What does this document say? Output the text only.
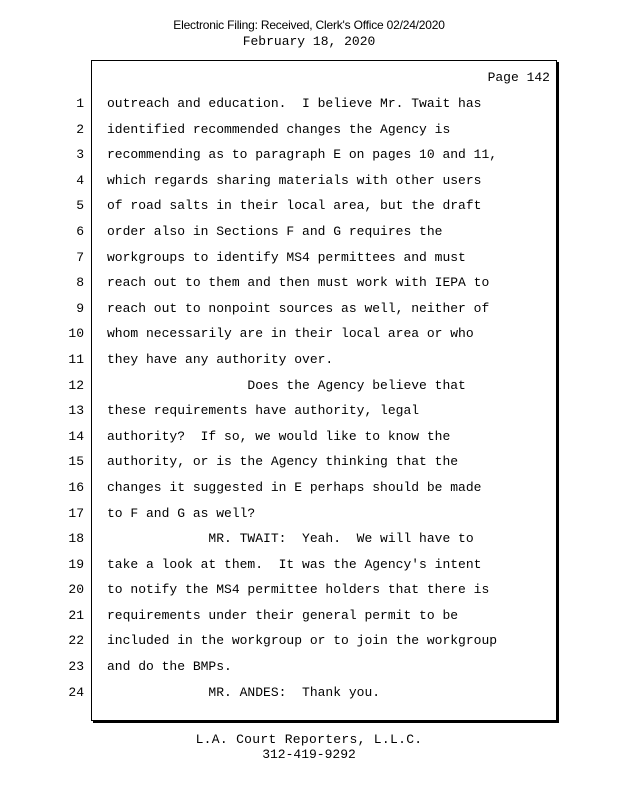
Electronic Filing: Received, Clerk's Office 02/24/2020
February 18, 2020
Page 142
1 outreach and education.  I believe Mr. Twait has
2 identified recommended changes the Agency is
3 recommending as to paragraph E on pages 10 and 11,
4 which regards sharing materials with other users
5 of road salts in their local area, but the draft
6 order also in Sections F and G requires the
7 workgroups to identify MS4 permittees and must
8 reach out to them and then must work with IEPA to
9 reach out to nonpoint sources as well, neither of
10 whom necessarily are in their local area or who
11 they have any authority over.
12 Does the Agency believe that
13 these requirements have authority, legal
14 authority?  If so, we would like to know the
15 authority, or is the Agency thinking that the
16 changes it suggested in E perhaps should be made
17 to F and G as well?
18 MR. TWAIT:  Yeah.  We will have to
19 take a look at them.  It was the Agency's intent
20 to notify the MS4 permittee holders that there is
21 requirements under their general permit to be
22 included in the workgroup or to join the workgroup
23 and do the BMPs.
24 MR. ANDES:  Thank you.
L.A. Court Reporters, L.L.C.
312-419-9292
